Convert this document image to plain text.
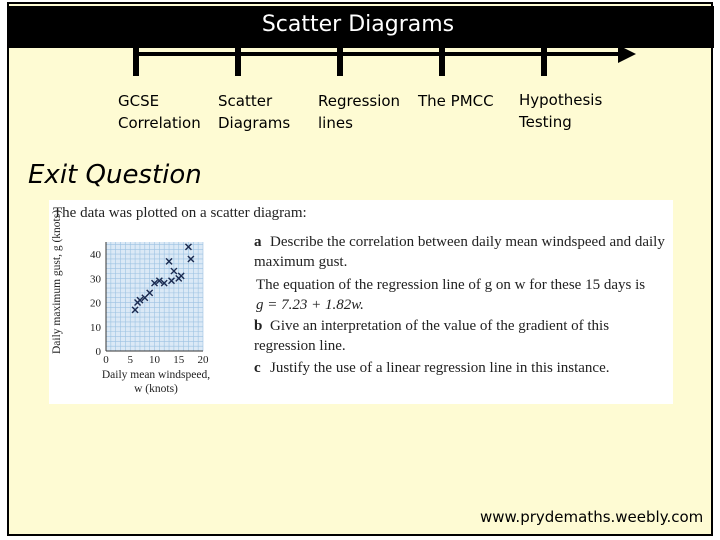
Scatter Diagrams
GCSE
Correlation
Scatter
Diagrams
Regression
lines
The PMCC Hypothesis
Testing
Exit Question
The data was plotted on a scatter diagram:
0 5 10 15 20
0
10
20
30
40
Daily maximum gust, g (knots)
Daily mean windspeed,
w (knots)
a Describe the correlation between daily mean windspeed and daily maximum gust.
The equation of the regression line of g on w for these 15 days is
g = 7.23 + 1.82w.
b Give an interpretation of the value of the gradient of this regression line.
c Justify the use of a linear regression line in this instance.
www.prydemaths.weebly.com
